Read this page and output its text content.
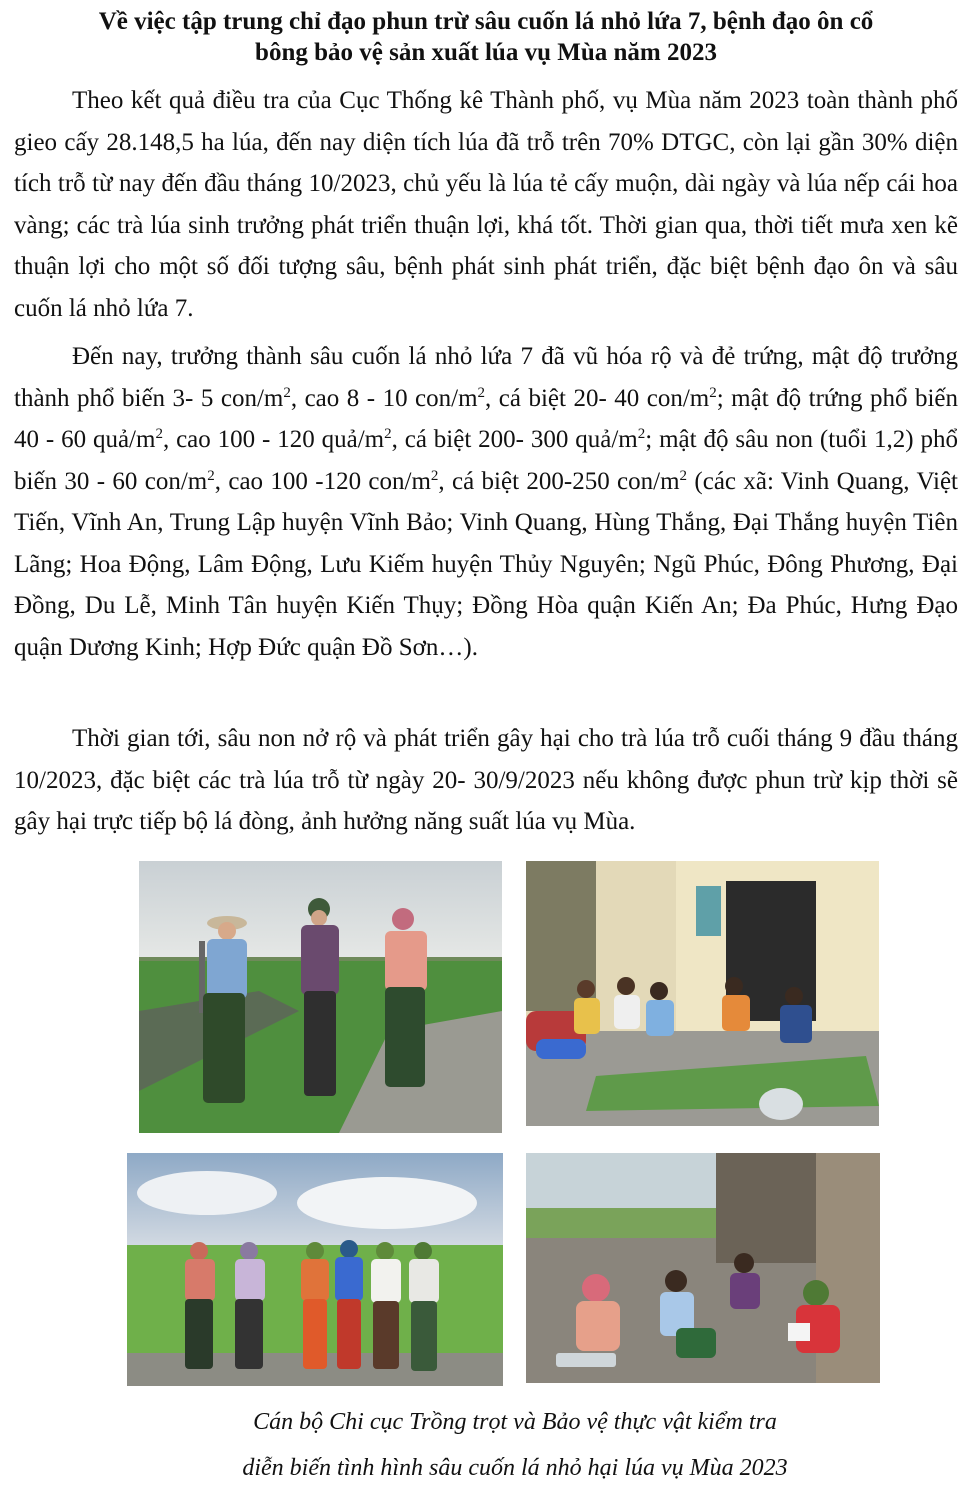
Về việc tập trung chỉ đạo phun trừ sâu cuốn lá nhỏ lứa 7, bệnh đạo ôn cổ
bông bảo vệ sản xuất lúa vụ Mùa năm 2023

Theo kết quả điều tra của Cục Thống kê Thành phố, vụ Mùa năm 2023 toàn thành phố gieo cấy 28.148,5 ha lúa, đến nay diện tích lúa đã trỗ trên 70% DTGC, còn lại gần 30% diện tích trỗ từ nay đến đầu tháng 10/2023, chủ yếu là lúa tẻ cấy muộn, dài ngày và lúa nếp cái hoa vàng; các trà lúa sinh trưởng phát triển thuận lợi, khá tốt. Thời gian qua, thời tiết mưa xen kẽ thuận lợi cho một số đối tượng sâu, bệnh phát sinh phát triển, đặc biệt bệnh đạo ôn và sâu cuốn lá nhỏ lứa 7.

Đến nay, trưởng thành sâu cuốn lá nhỏ lứa 7 đã vũ hóa rộ và đẻ trứng, mật độ trưởng thành phổ biến 3- 5 con/$m^2$, cao 8 - 10 con/$m^2$, cá biệt 20- 40 con/$m^2$; mật độ trứng phổ biến 40 - 60 quả/$m^2$, cao 100 - 120 quả/$m^2$, cá biệt 200- 300 quả/$m^2$; mật độ sâu non (tuổi 1,2) phổ biến 30 - 60 con/$m^2$, cao 100 -120 con/$m^2$, cá biệt 200-250 con/$m^2$ (các xã: Vinh Quang, Việt Tiến, Vĩnh An, Trung Lập huyện Vĩnh Bảo; Vinh Quang, Hùng Thắng, Đại Thắng huyện Tiên Lãng; Hoa Động, Lâm Động, Lưu Kiếm huyện Thủy Nguyên; Ngũ Phúc, Đông Phương, Đại Đồng, Du Lễ, Minh Tân huyện Kiến Thụy; Đồng Hòa quận Kiến An; Đa Phúc, Hưng Đạo quận Dương Kinh; Hợp Đức quận Đồ Sơn…).

Thời gian tới, sâu non nở rộ và phát triển gây hại cho trà lúa trỗ cuối tháng 9 đầu tháng 10/2023, đặc biệt các trà lúa trỗ từ ngày 20- 30/9/2023 nếu không được phun trừ kịp thời sẽ gây hại trực tiếp bộ lá đòng, ảnh hưởng năng suất lúa vụ Mùa.

Cán bộ Chi cục Trồng trọt và Bảo vệ thực vật kiểm tra
diễn biến tình hình sâu cuốn lá nhỏ hại lúa vụ Mùa 2023
